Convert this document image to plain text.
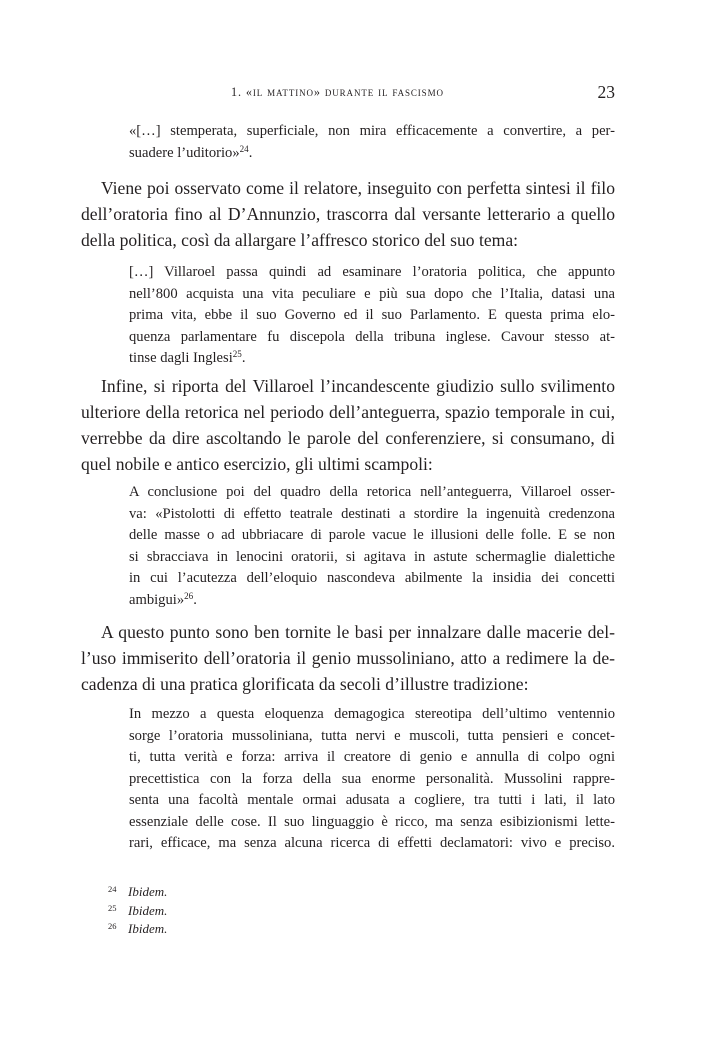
1. «il mattino» durante il fascismo	23
«[…] stemperata, superficiale, non mira efficacemente a convertire, a per-
suadere l’uditorio»$^{24}$.
Viene poi osservato come il relatore, inseguito con perfetta sintesi il filo
dell’oratoria fino al D’Annunzio, trascorra dal versante letterario a quello
della politica, così da allargare l’affresco storico del suo tema:
[…] Villaroel passa quindi ad esaminare l’oratoria politica, che appunto
nell’800 acquista una vita peculiare e più sua dopo che l’Italia, datasi una
prima vita, ebbe il suo Governo ed il suo Parlamento. E questa prima elo-
quenza parlamentare fu discepola della tribuna inglese. Cavour stesso at-
tinse dagli Inglesi$^{25}$.
Infine, si riporta del Villaroel l’incandescente giudizio sullo svilimento
ulteriore della retorica nel periodo dell’anteguerra, spazio temporale in cui,
verrebbe da dire ascoltando le parole del conferenziere, si consumano, di
quel nobile e antico esercizio, gli ultimi scampoli:
A conclusione poi del quadro della retorica nell’anteguerra, Villaroel osser-
va: «Pistolotti di effetto teatrale destinati a stordire la ingenuità credenzona
delle masse o ad ubbriacare di parole vacue le illusioni delle folle. E se non
si sbracciava in lenocini oratorii, si agitava in astute schermaglie dialettiche
in cui l’acutezza dell’eloquio nascondeva abilmente la insidia dei concetti
ambigui»$^{26}$.
A questo punto sono ben tornite le basi per innalzare dalle macerie del-
l’uso immiserito dell’oratoria il genio mussoliniano, atto a redimere la de-
cadenza di una pratica glorificata da secoli d’illustre tradizione:
In mezzo a questa eloquenza demagogica stereotipa dell’ultimo ventennio
sorge l’oratoria mussoliniana, tutta nervi e muscoli, tutta pensieri e concet-
ti, tutta verità e forza: arriva il creatore di genio e annulla di colpo ogni
precettistica con la forza della sua enorme personalità. Mussolini rappre-
senta una facoltà mentale ormai adusata a cogliere, tra tutti i lati, il lato
essenziale delle cose. Il suo linguaggio è ricco, ma senza esibizionismi lette-
rari, efficace, ma senza alcuna ricerca di effetti declamatori: vivo e preciso.
24 Ibidem.
25 Ibidem.
26 Ibidem.
